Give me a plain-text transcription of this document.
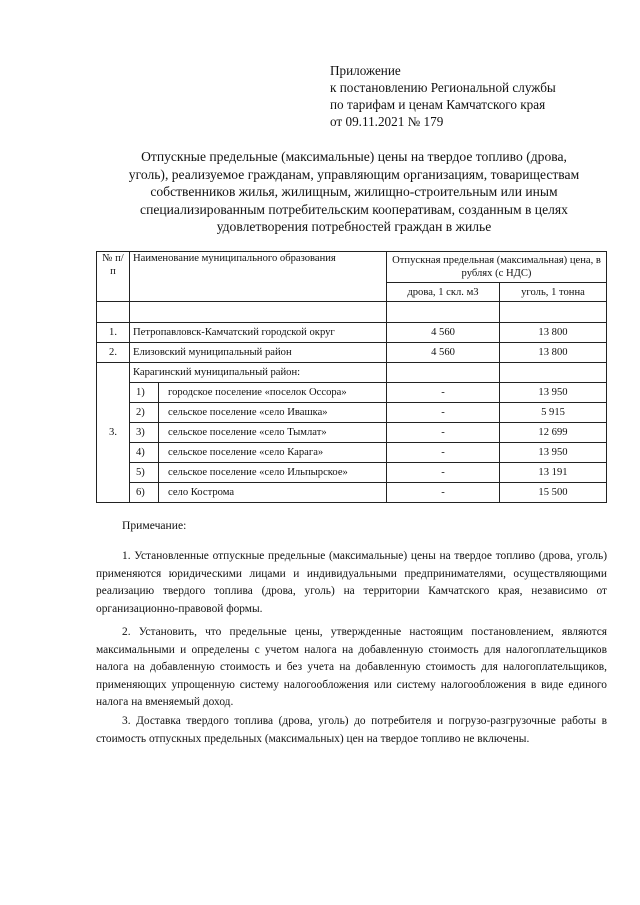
Приложение
к постановлению Региональной службы
по тарифам и ценам Камчатского края
от 09.11.2021 № 179
Отпускные предельные (максимальные) цены на твердое топливо (дрова,
уголь), реализуемое гражданам, управляющим организациям, товариществам
собственников жилья, жилищным, жилищно-строительным или иным
специализированным потребительским кооперативам, созданным в целях
удовлетворения потребностей граждан в жилье
№ п/п	Наименование муниципального образования	Отпускная предельная (максимальная) цена, в рублях (с НДС)	
		дрова, 1 скл. м3	уголь, 1 тонна

1.	Петропавловск-Камчатский городской округ	4 560	13 800
2.	Елизовский муниципальный район	4 560	13 800
3.	Карагинский муниципальный район:		

	1) городское поселение «поселок Оссора»	-	13 950

	2) сельское поселение «село Ивашка»	-	5 915

	3) сельское поселение «село Тымлат»	-	12 699

	4) сельское поселение «село Карага»	-	13 950

	5) сельское поселение «село Ильпырское»	-	13 191

	6) село Кострома	-	15 500
Примечание:
1. Установленные отпускные предельные (максимальные) цены на твердое топливо (дрова, уголь) применяются юридическими лицами и индивидуальными предпринимателями, осуществляющими реализацию твердого топлива (дрова, уголь) на территории Камчатского края, независимо от организационно-правовой формы.
2. Установить, что предельные цены, утвержденные настоящим постановлением, являются максимальными и определены с учетом налога на добавленную стоимость для налогоплательщиков налога на добавленную стоимость и без учета на добавленную стоимость для налогоплательщиков, применяющих упрощенную систему налогообложения или систему налогообложения в виде единого налога на вменяемый доход.
3. Доставка твердого топлива (дрова, уголь) до потребителя и погрузо-разгрузочные работы в стоимость отпускных предельных (максимальных) цен на твердое топливо не включены.
